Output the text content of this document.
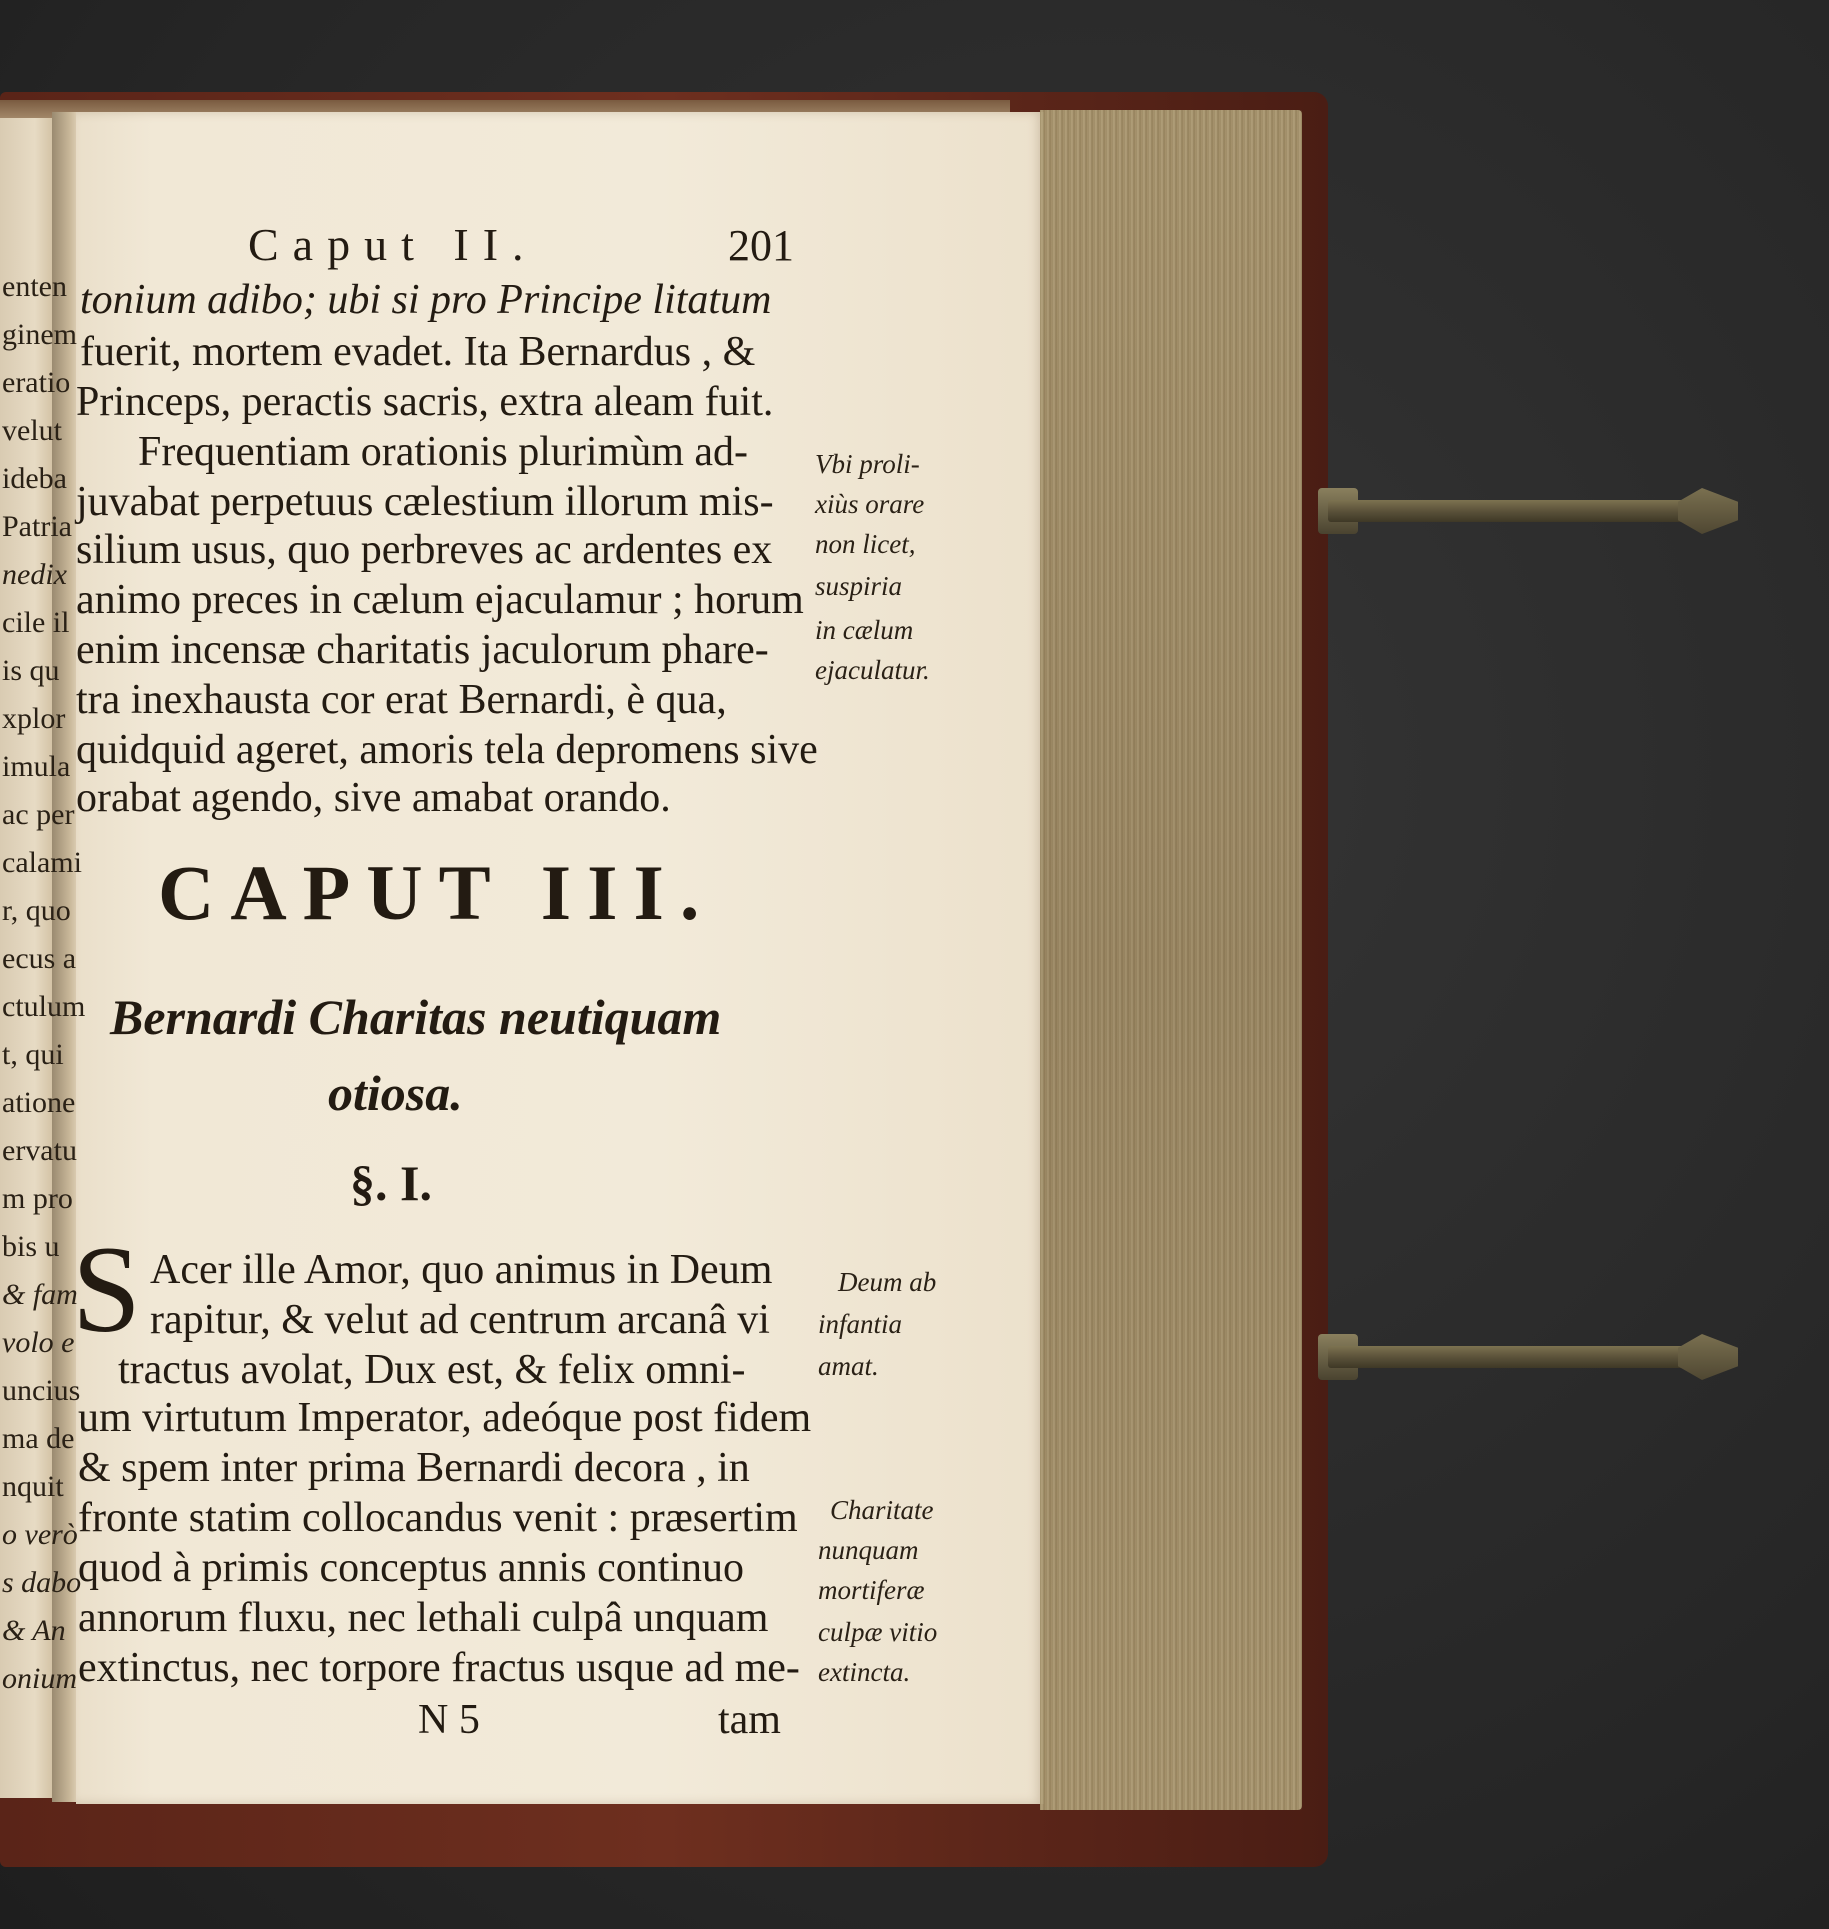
enten
ginem
eratio
velut
ideba
Patria
nedix
cile il
is qu
xplor
imula
ac per
calami
r, quo
ecus a
ctulum
t, qui
atione
ervatu
m pro
bis u
& fam
volo e
uncius
ma de
nquit
o verò
s dabo
& An
onium
Caput II.	201
tonium adibo; ubi si pro Principe litatum
fuerit, mortem evadet. Ita Bernardus , &
Princeps, peractis sacris, extra aleam fuit.
Frequentiam orationis plurimùm ad-
juvabat perpetuus cælestium illorum mis-
silium usus, quo perbreves ac ardentes ex
animo preces in cælum ejaculamur ; horum
enim incensæ charitatis jaculorum phare-
tra inexhausta cor erat Bernardi, è qua,
quidquid ageret, amoris tela depromens sive
orabat agendo, sive amabat orando.
Vbi proli-
xiùs orare
non licet,
suspiria
in cælum
ejaculatur.
CAPUT III.
Bernardi Charitas neutiquam
otiosa.
§. I.
S Acer ille Amor, quo animus in Deum
rapitur, & velut ad centrum arcanâ vi
tractus avolat, Dux est, & felix omni-
um virtutum Imperator, adeóque post fidem
& spem inter prima Bernardi decora , in
fronte statim collocandus venit : præsertim
quod à primis conceptus annis continuo
annorum fluxu, nec lethali culpâ unquam
extinctus, nec torpore fractus usque ad me-
Deum ab
infantia
amat.
Charitate
nunquam
mortiferæ
culpæ vitio
extincta.
N 5	tam
